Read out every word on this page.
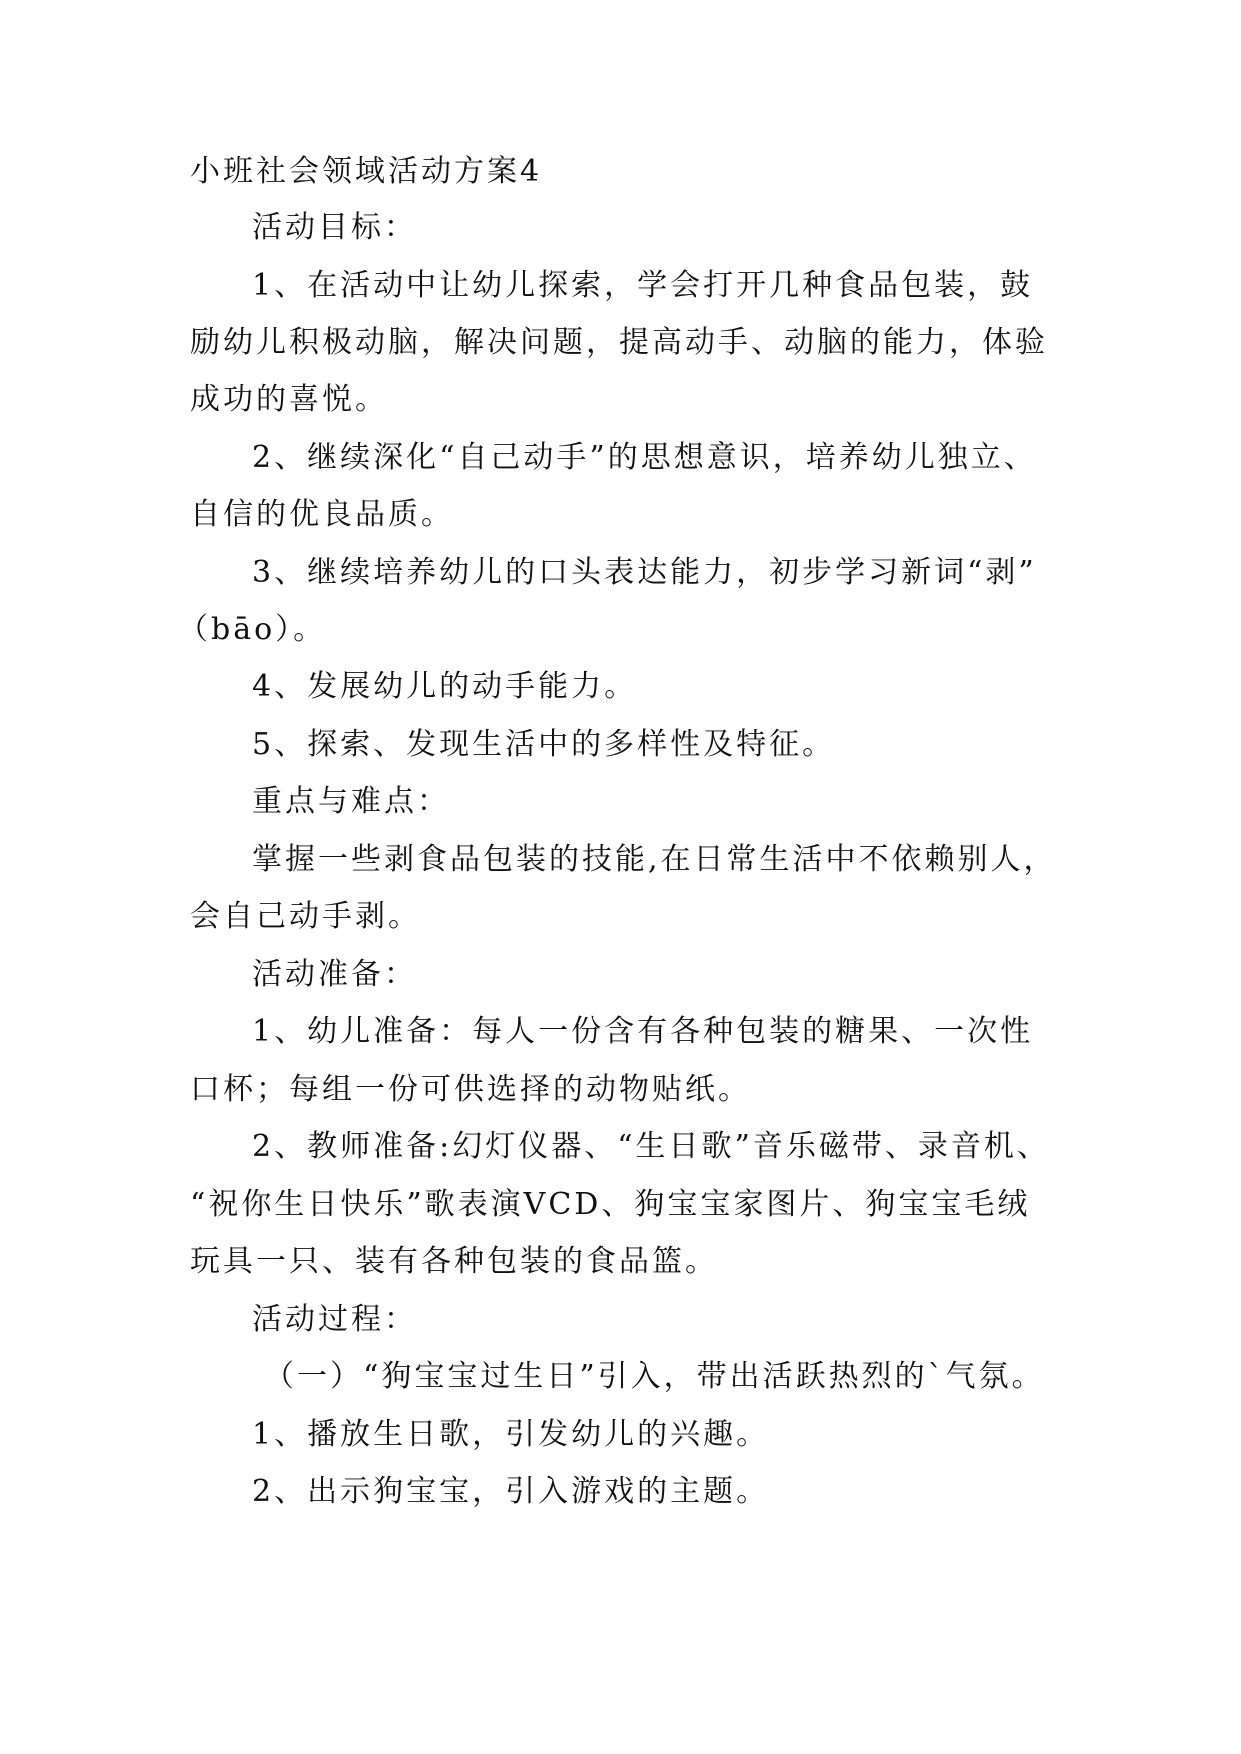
小班社会领域活动方案4
活动目标：
1、在活动中让幼儿探索，学会打开几种食品包装，鼓
励幼儿积极动脑，解决问题，提高动手、动脑的能力，体验
成功的喜悦。
2、继续深化“自己动手”的思想意识，培养幼儿独立、
自信的优良品质。
3、继续培养幼儿的口头表达能力，初步学习新词“剥”
（bāo）。
4、发展幼儿的动手能力。
5、探索、发现生活中的多样性及特征。
重点与难点：
掌握一些剥食品包装的技能,在日常生活中不依赖别人，
会自己动手剥。
活动准备：
1、幼儿准备：每人一份含有各种包装的糖果、一次性
口杯；每组一份可供选择的动物贴纸。
2、教师准备:幻灯仪器、“生日歌”音乐磁带、录音机、
“祝你生日快乐”歌表演VCD、狗宝宝家图片、狗宝宝毛绒
玩具一只、装有各种包装的食品篮。
活动过程：
（一）“狗宝宝过生日”引入，带出活跃热烈的`气氛。
1、播放生日歌，引发幼儿的兴趣。
2、出示狗宝宝，引入游戏的主题。
